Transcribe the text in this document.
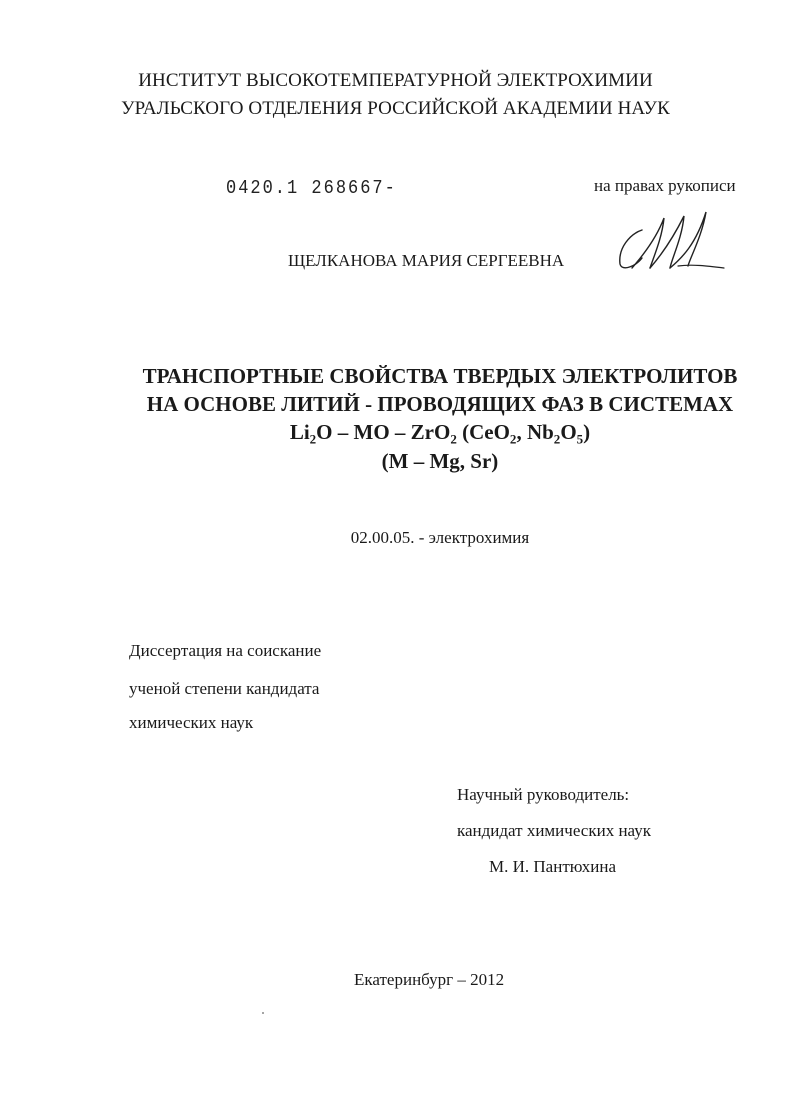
ИНСТИТУТ ВЫСОКОТЕМПЕРАТУРНОЙ ЭЛЕКТРОХИМИИ
УРАЛЬСКОГО ОТДЕЛЕНИЯ РОССИЙСКОЙ АКАДЕМИИ НАУК
0420.1 268667-	на правах рукописи
ЩЕЛКАНОВА МАРИЯ СЕРГЕЕВНА
ТРАНСПОРТНЫЕ СВОЙСТВА ТВЕРДЫХ ЭЛЕКТРОЛИТОВ
НА ОСНОВЕ ЛИТИЙ - ПРОВОДЯЩИХ ФАЗ В СИСТЕМАХ
$Li_2O$ – MO – ZrO$_2$ (CeO$_2$, $Nb_2O_5$)
(M – Mg, Sr)
02.00.05. - электрохимия
Диссертация на соискание
ученой степени кандидата
химических наук
Научный руководитель:
кандидат химических наук
М. И. Пантюхина
Екатеринбург – 2012
